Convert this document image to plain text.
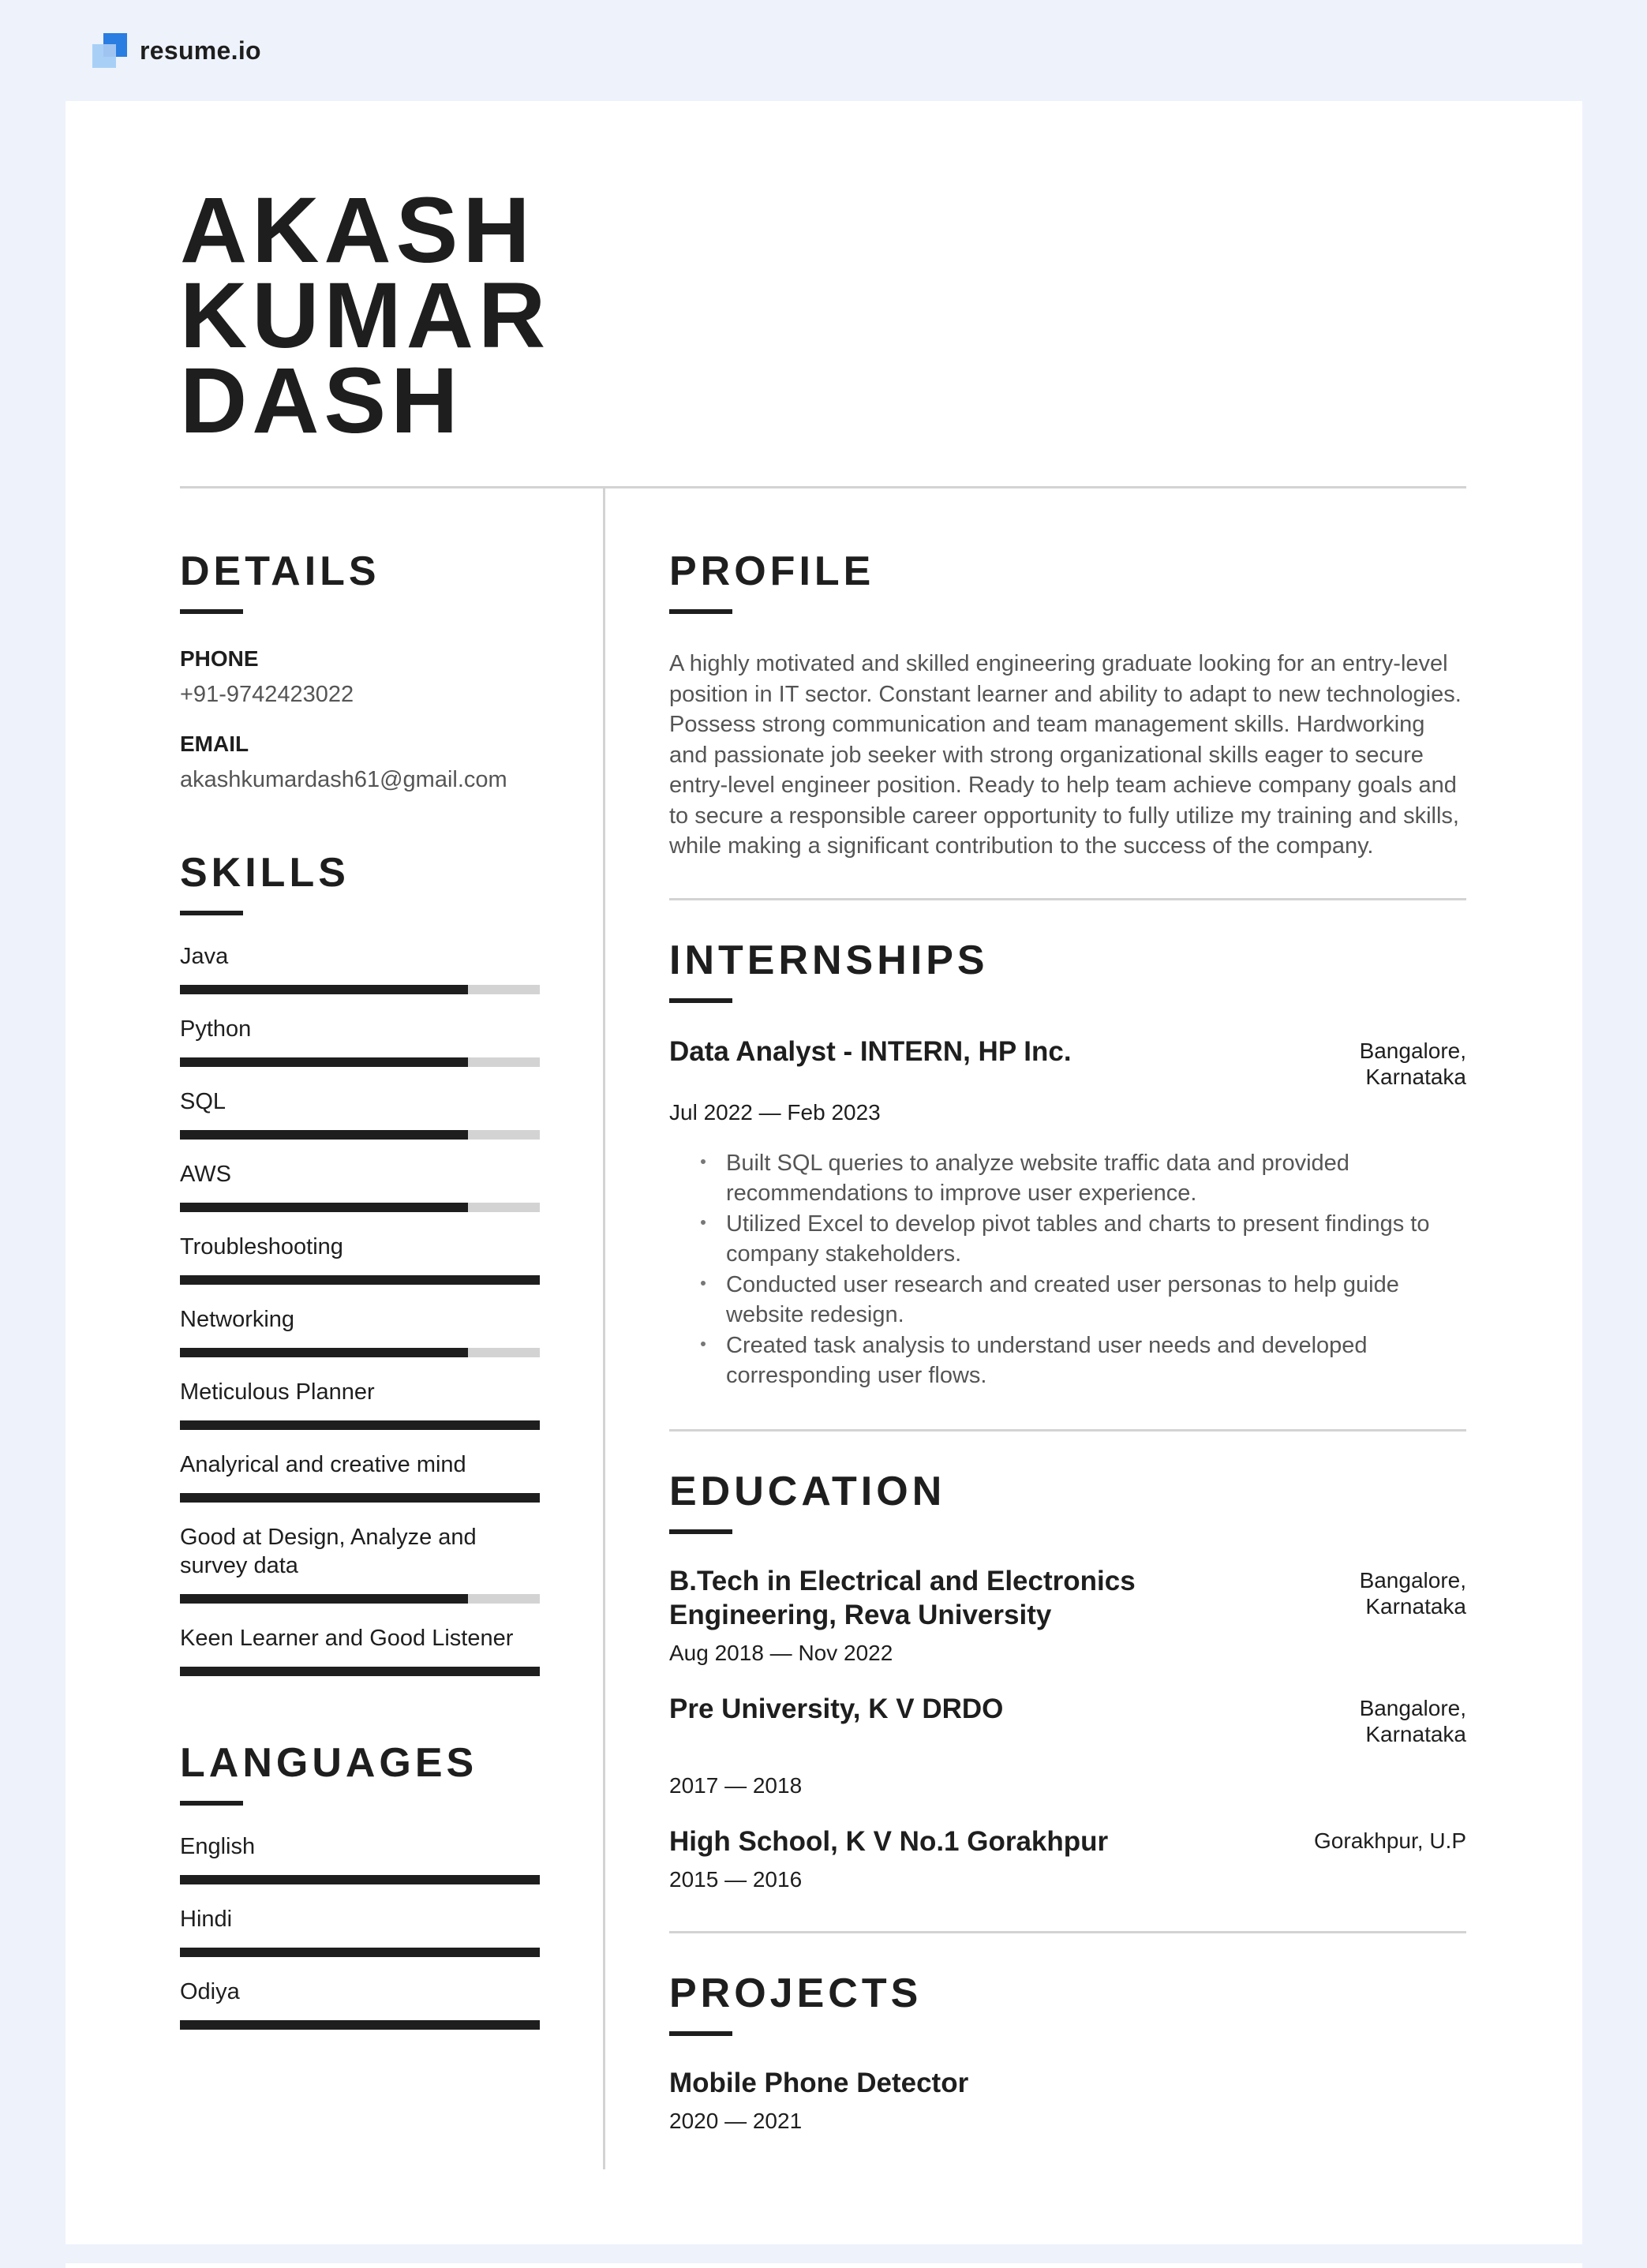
resume.io
AKASH
KUMAR
DASH
DETAILS
PHONE
+91-9742423022
EMAIL
akashkumardash61@gmail.com
SKILLS
Java
Python
SQL
AWS
Troubleshooting
Networking
Meticulous Planner
Analyrical and creative mind
Good at Design, Analyze and survey data
Keen Learner and Good Listener
LANGUAGES
English
Hindi
Odiya
PROFILE
A highly motivated and skilled engineering graduate looking for an entry-level position in IT sector. Constant learner and ability to adapt to new technologies. Possess strong communication and team management skills. Hardworking and passionate job seeker with strong organizational skills eager to secure entry-level engineer position. Ready to help team achieve company goals and to secure a responsible career opportunity to fully utilize my training and skills, while making a significant contribution to the success of the company.
INTERNSHIPS
Data Analyst - INTERN, HP Inc.	Bangalore, Karnataka
Jul 2022 — Feb 2023
Built SQL queries to analyze website traffic data and provided recommendations to improve user experience.
Utilized Excel to develop pivot tables and charts to present findings to company stakeholders.
Conducted user research and created user personas to help guide website redesign.
Created task analysis to understand user needs and developed corresponding user flows.
EDUCATION
B.Tech in Electrical and Electronics Engineering, Reva University
Bangalore, Karnataka
Aug 2018 — Nov 2022
Pre University, K V DRDO	Bangalore, Karnataka
2017 — 2018
High School, K V No.1 Gorakhpur	Gorakhpur, U.P
2015 — 2016
PROJECTS
Mobile Phone Detector
2020 — 2021
